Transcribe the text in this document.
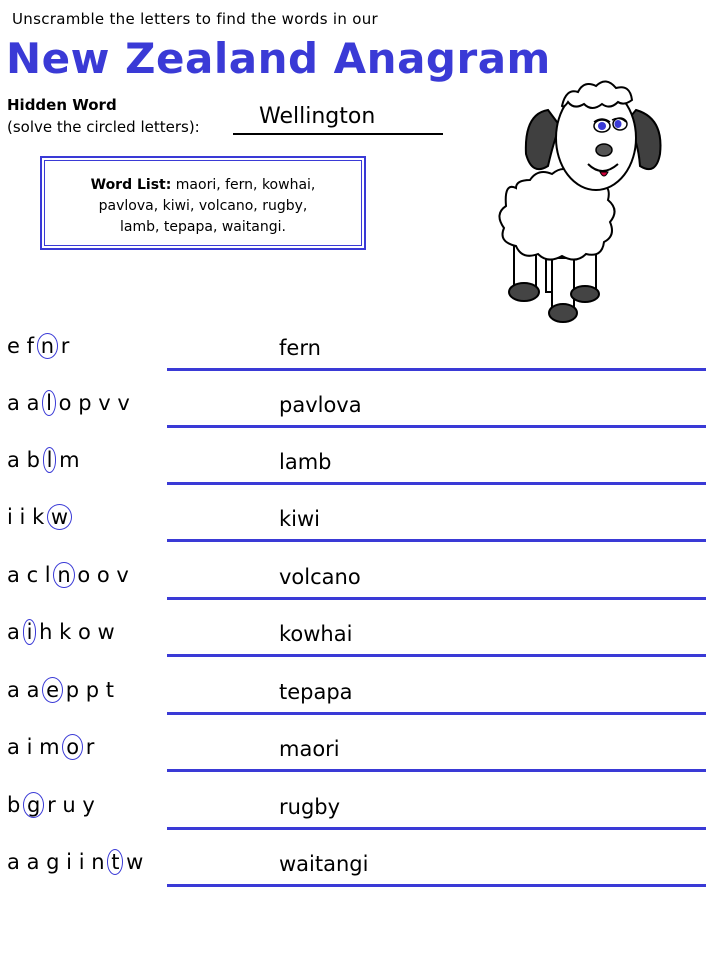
Unscramble the letters to find the words in our
New Zealand Anagram
Hidden Word
(solve the circled letters):	Wellington
Word List: maori, fern, kowhai,
pavlova, kiwi, volcano, rugby,
lamb, tepapa, waitangi.
e f n r	fern
a a l o p v v	pavlova
a b l m	lamb
i i k w	kiwi
a c l n o o v	volcano
a i h k o w	kowhai
a a e p p t	tepapa
a i m o r	maori
b g r u y	rugby
a a g i i n t w	waitangi
